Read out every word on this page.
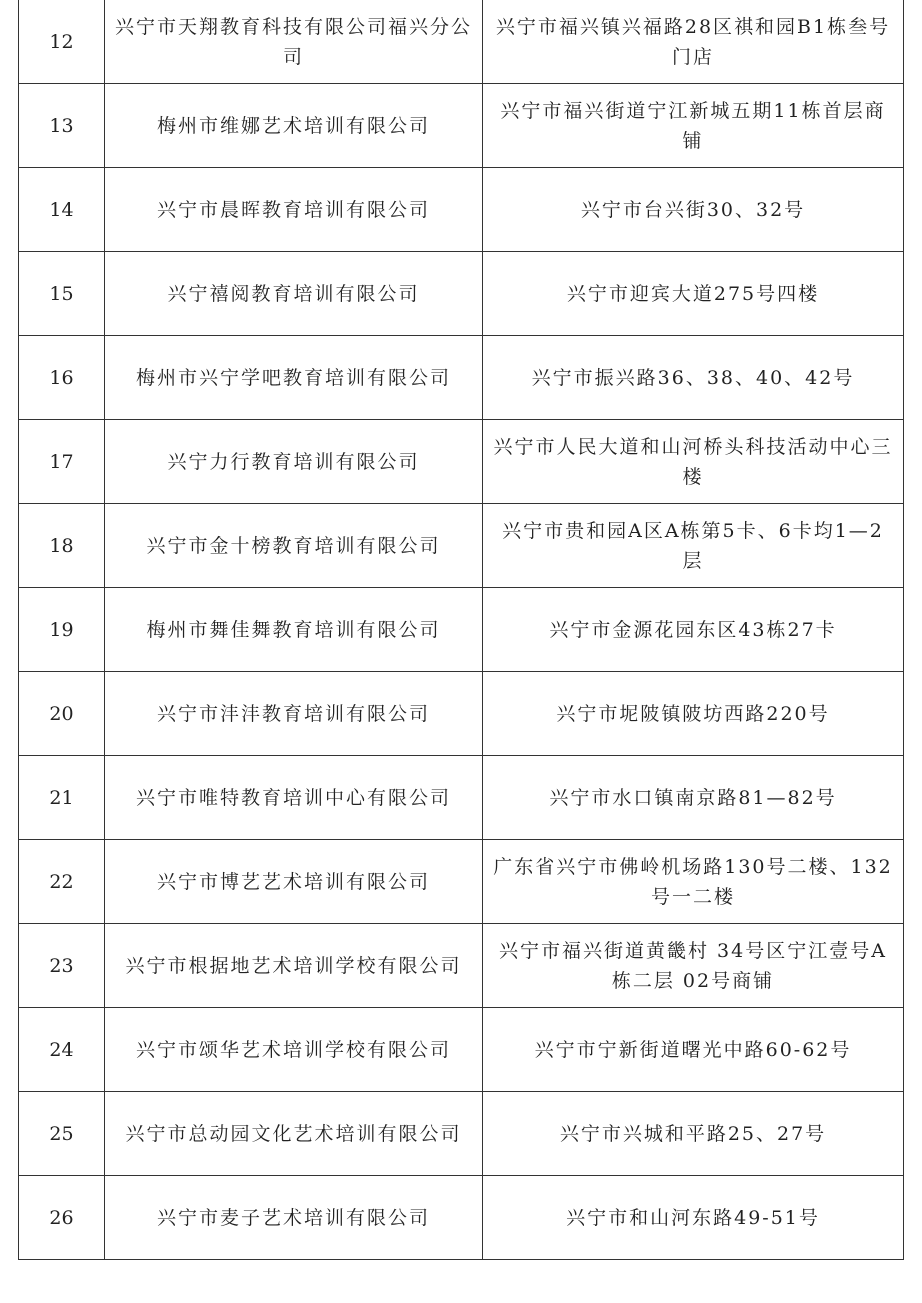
12	兴宁市天翔教育科技有限公司福兴分公司	兴宁市福兴镇兴福路28区祺和园B1栋叁号门店
13	梅州市维娜艺术培训有限公司	兴宁市福兴街道宁江新城五期11栋首层商铺
14	兴宁市晨晖教育培训有限公司	兴宁市台兴街30、32号
15	兴宁禧阅教育培训有限公司	兴宁市迎宾大道275号四楼
16	梅州市兴宁学吧教育培训有限公司	兴宁市振兴路36、38、40、42号
17	兴宁力行教育培训有限公司	兴宁市人民大道和山河桥头科技活动中心三楼
18	兴宁市金十榜教育培训有限公司	兴宁市贵和园A区A栋第5卡、6卡均1—2层
19	梅州市舞佳舞教育培训有限公司	兴宁市金源花园东区43栋27卡
20	兴宁市沣沣教育培训有限公司	兴宁市坭陂镇陂坊西路220号
21	兴宁市唯特教育培训中心有限公司	兴宁市水口镇南京路81—82号
22	兴宁市博艺艺术培训有限公司	广东省兴宁市佛岭机场路130号二楼、132号一二楼
23	兴宁市根据地艺术培训学校有限公司	兴宁市福兴街道黄畿村 34号区宁江壹号A栋二层 02号商铺
24	兴宁市颂华艺术培训学校有限公司	兴宁市宁新街道曙光中路60-62号
25	兴宁市总动园文化艺术培训有限公司	兴宁市兴城和平路25、27号
26	兴宁市麦子艺术培训有限公司	兴宁市和山河东路49-51号
